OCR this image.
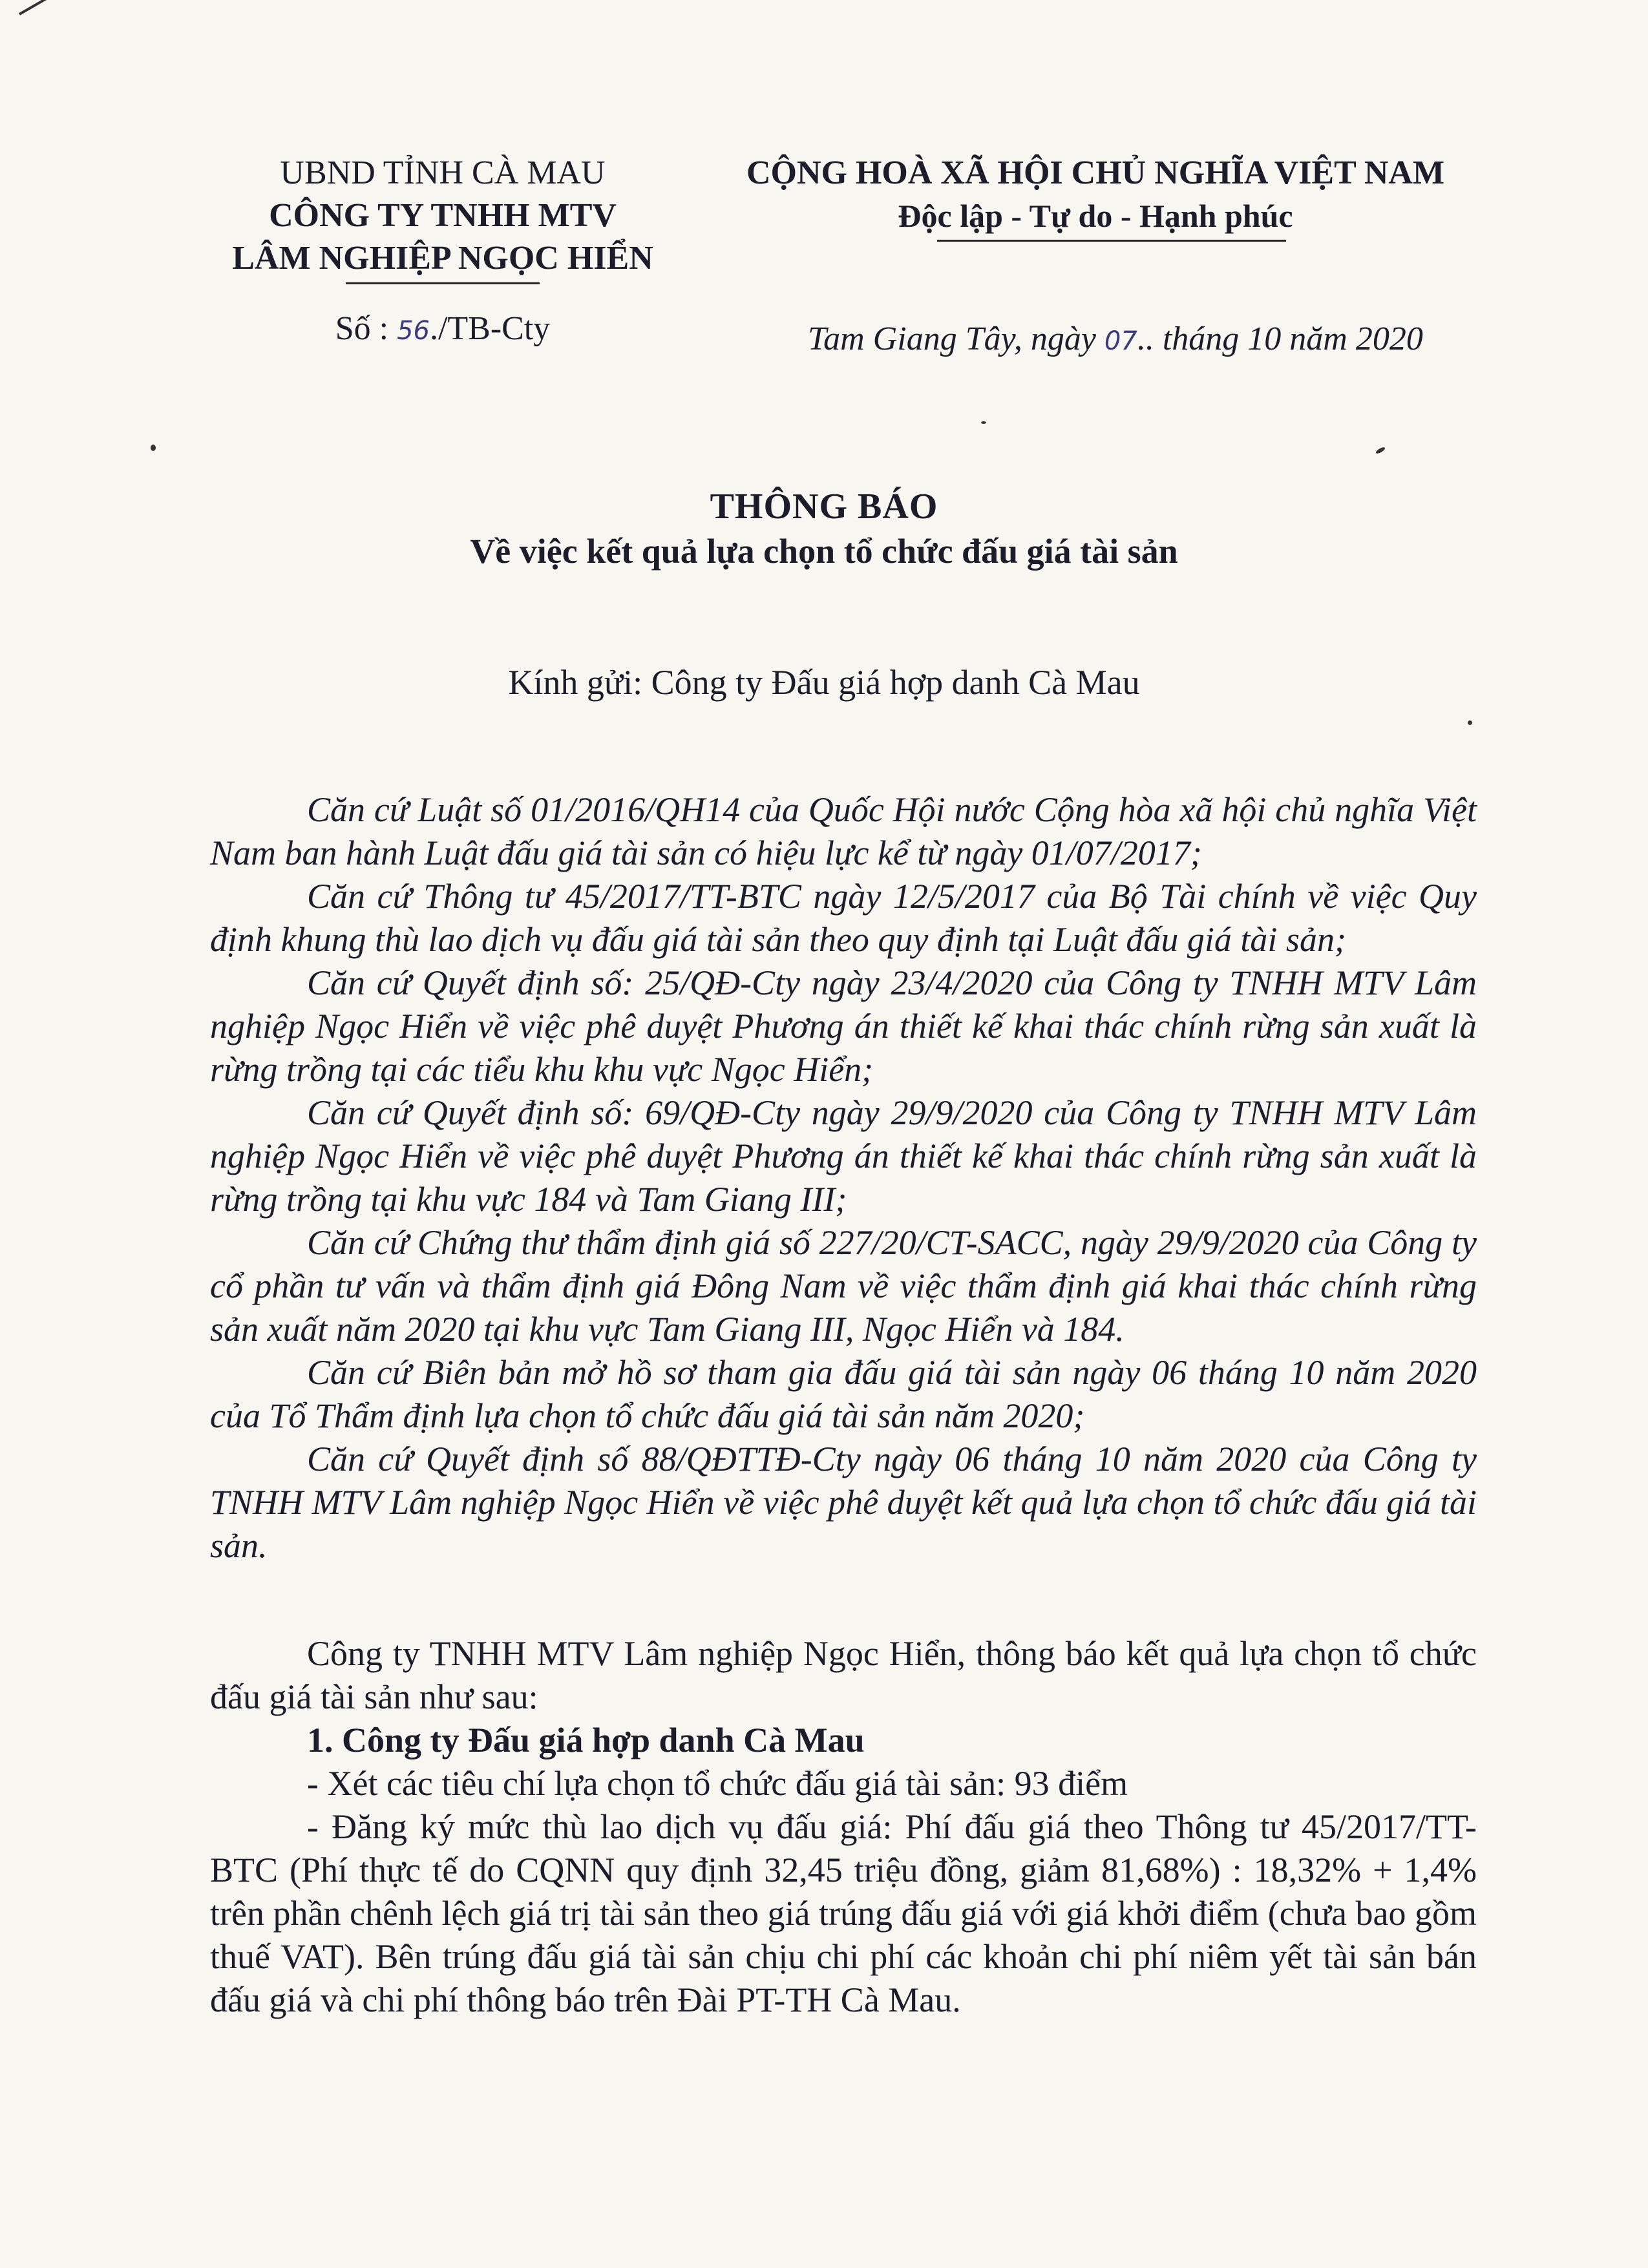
UBND TỈNH CÀ MAU
CÔNG TY TNHH MTV
LÂM NGHIỆP NGỌC HIỂN
Số : 56./TB-Cty
CỘNG HOÀ XÃ HỘI CHỦ NGHĨA VIỆT NAM
Độc lập - Tự do - Hạnh phúc
Tam Giang Tây, ngày 07.. tháng 10 năm 2020
THÔNG BÁO
Về việc kết quả lựa chọn tổ chức đấu giá tài sản
Kính gửi: Công ty Đấu giá hợp danh Cà Mau

Căn cứ Luật số 01/2016/QH14 của Quốc Hội nước Cộng hòa xã hội chủ nghĩa Việt Nam ban hành Luật đấu giá tài sản có hiệu lực kể từ ngày 01/07/2017;

Căn cứ Thông tư 45/2017/TT-BTC ngày 12/5/2017 của Bộ Tài chính về việc Quy định khung thù lao dịch vụ đấu giá tài sản theo quy định tại Luật đấu giá tài sản;

Căn cứ Quyết định số: 25/QĐ-Cty ngày 23/4/2020 của Công ty TNHH MTV Lâm nghiệp Ngọc Hiển về việc phê duyệt Phương án thiết kế khai thác chính rừng sản xuất là rừng trồng tại các tiểu khu khu vực Ngọc Hiển;

Căn cứ Quyết định số: 69/QĐ-Cty ngày 29/9/2020 của Công ty TNHH MTV Lâm nghiệp Ngọc Hiển về việc phê duyệt Phương án thiết kế khai thác chính rừng sản xuất là rừng trồng tại khu vực 184 và Tam Giang III;

Căn cứ Chứng thư thẩm định giá số 227/20/CT-SACC, ngày 29/9/2020 của Công ty cổ phần tư vấn và thẩm định giá Đông Nam về việc thẩm định giá khai thác chính rừng sản xuất năm 2020 tại khu vực Tam Giang III, Ngọc Hiển và 184.

Căn cứ Biên bản mở hồ sơ tham gia đấu giá tài sản ngày 06 tháng 10 năm 2020 của Tổ Thẩm định lựa chọn tổ chức đấu giá tài sản năm 2020;

Căn cứ Quyết định số 88/QĐTTĐ-Cty ngày 06 tháng 10 năm 2020 của Công ty TNHH MTV Lâm nghiệp Ngọc Hiển về việc phê duyệt kết quả lựa chọn tổ chức đấu giá tài sản.

Công ty TNHH MTV Lâm nghiệp Ngọc Hiển, thông báo kết quả lựa chọn tổ chức đấu giá tài sản như sau:

1. Công ty Đấu giá hợp danh Cà Mau

- Xét các tiêu chí lựa chọn tổ chức đấu giá tài sản: 93 điểm

- Đăng ký mức thù lao dịch vụ đấu giá: Phí đấu giá theo Thông tư 45/2017/TT-BTC (Phí thực tế do CQNN quy định 32,45 triệu đồng, giảm 81,68%) : 18,32% + 1,4% trên phần chênh lệch giá trị tài sản theo giá trúng đấu giá với giá khởi điểm (chưa bao gồm thuế VAT). Bên trúng đấu giá tài sản chịu chi phí các khoản chi phí niêm yết tài sản bán đấu giá và chi phí thông báo trên Đài PT-TH Cà Mau.
